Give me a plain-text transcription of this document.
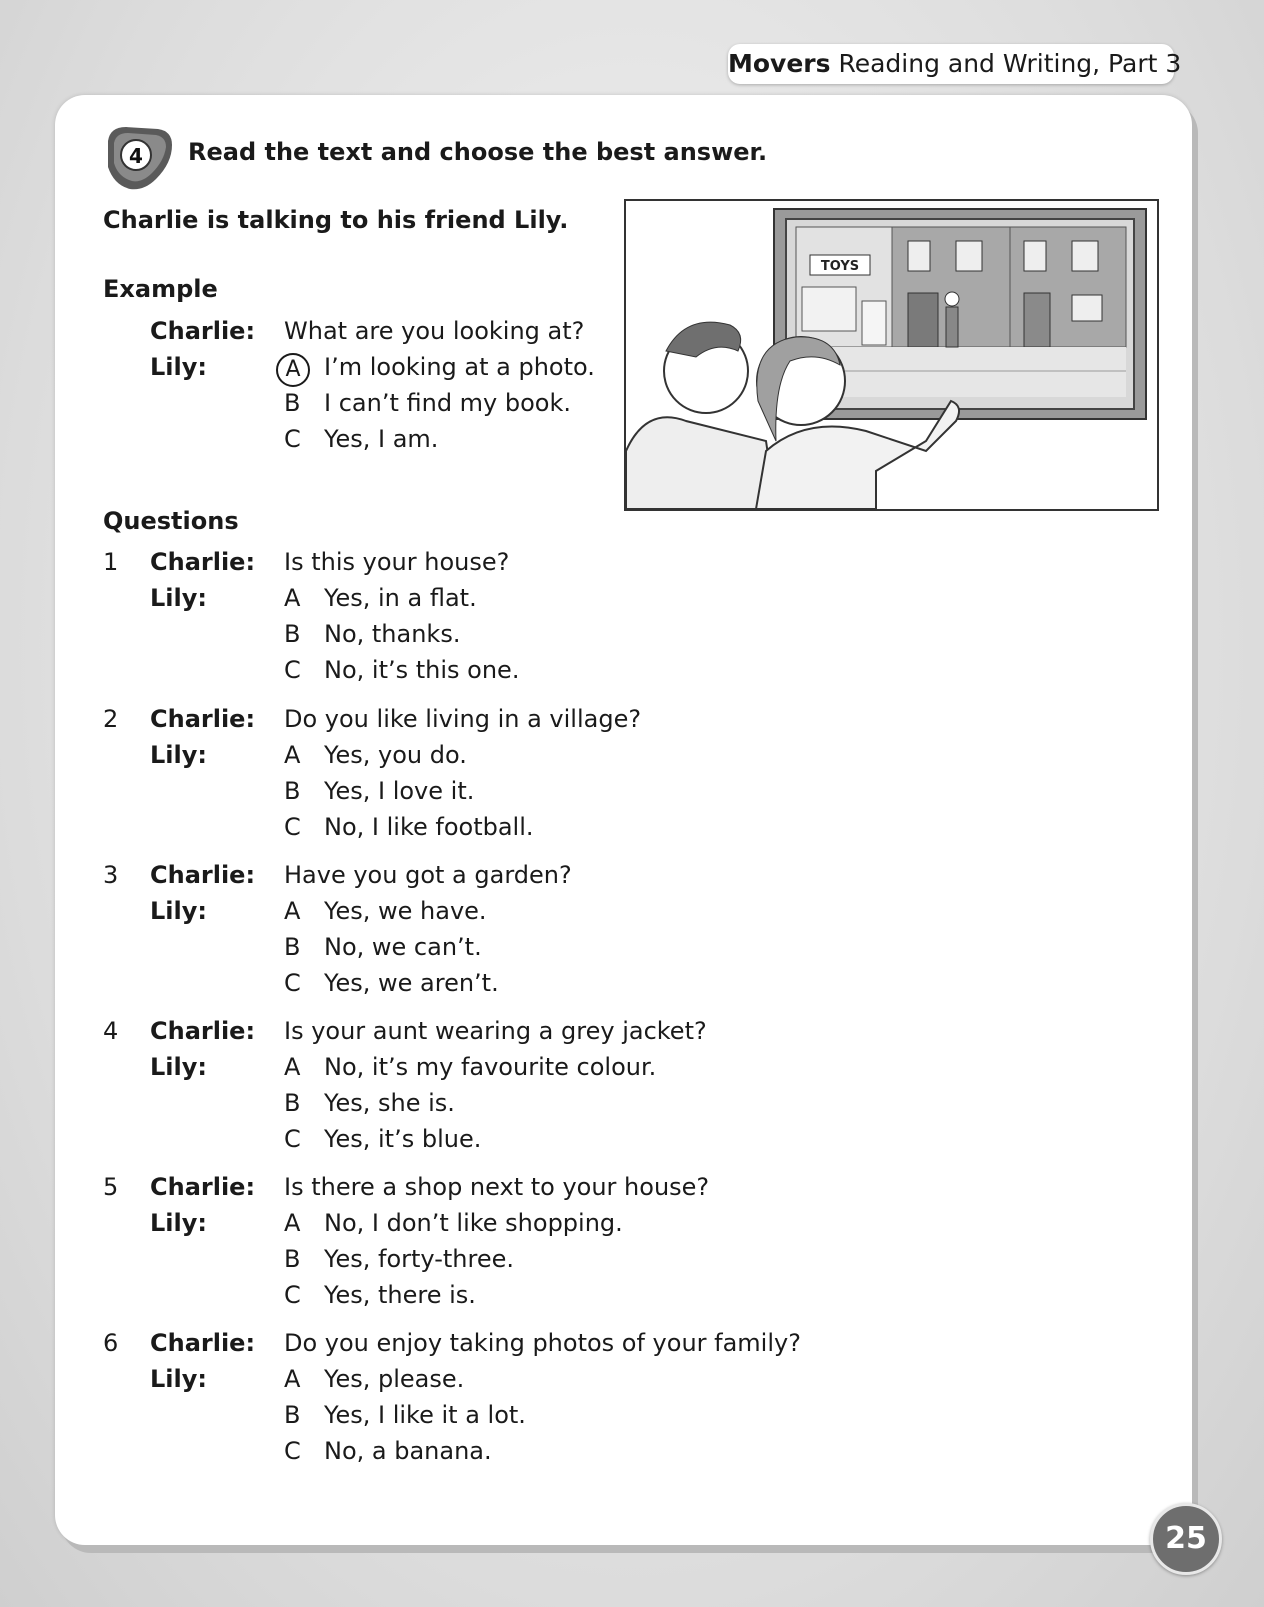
Movers Reading and Writing, Part 3
4 Read the text and choose the best answer.
Charlie is talking to his friend Lily.
Example
Charlie: What are you looking at?
Lily:	A I’m looking at a photo.
B I can’t find my book.
C Yes, I am.
TOYS
Questions
1 Charlie: Is this your house?
Lily:	A Yes, in a flat.
B No, thanks.
C No, it’s this one.
2 Charlie: Do you like living in a village?
Lily:	A Yes, you do.
B Yes, I love it.
C No, I like football.
3 Charlie: Have you got a garden?
Lily:	A Yes, we have.
B No, we can’t.
C Yes, we aren’t.
4 Charlie: Is your aunt wearing a grey jacket?
Lily:	A No, it’s my favourite colour.
B Yes, she is.
C Yes, it’s blue.
5 Charlie: Is there a shop next to your house?
Lily:	A No, I don’t like shopping.
B Yes, forty-three.
C Yes, there is.
6 Charlie: Do you enjoy taking photos of your family?
Lily:	A Yes, please.
B Yes, I like it a lot.
C No, a banana.
25
